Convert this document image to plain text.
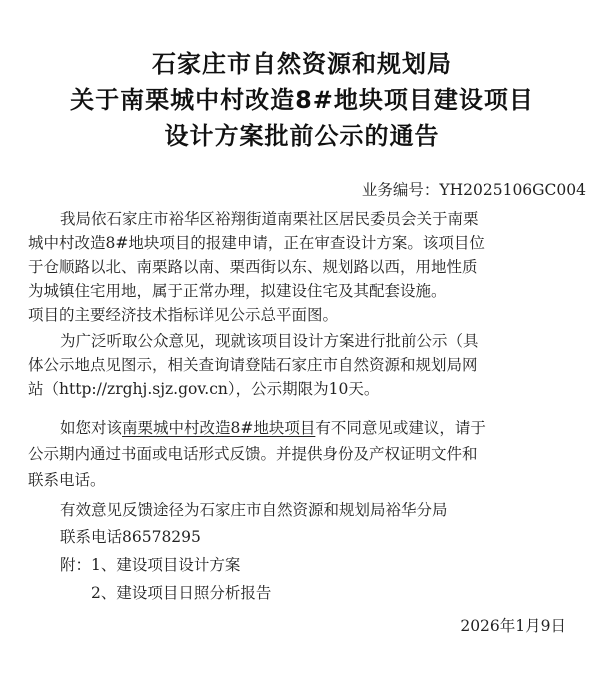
石家庄市自然资源和规划局
关于南栗城中村改造8#地块项目建设项目
设计方案批前公示的通告
业务编号：YH2025106GC004
我局依石家庄市裕华区裕翔街道南栗社区居民委员会关于南栗
城中村改造8#地块项目的报建申请，正在审查设计方案。该项目位
于仓顺路以北、南栗路以南、栗西街以东、规划路以西，用地性质
为城镇住宅用地，属于正常办理，拟建设住宅及其配套设施。
项目的主要经济技术指标详见公示总平面图。
为广泛听取公众意见，现就该项目设计方案进行批前公示（具
体公示地点见图示，相关查询请登陆石家庄市自然资源和规划局网
站（http://zrghj.sjz.gov.cn），公示期限为10天。
如您对该南栗城中村改造8#地块项目有不同意见或建议，请于
公示期内通过书面或电话形式反馈。并提供身份及产权证明文件和
联系电话。
有效意见反馈途径为石家庄市自然资源和规划局裕华分局
联系电话86578295
附：1、建设项目设计方案
2、建设项目日照分析报告
2026年1月9日
